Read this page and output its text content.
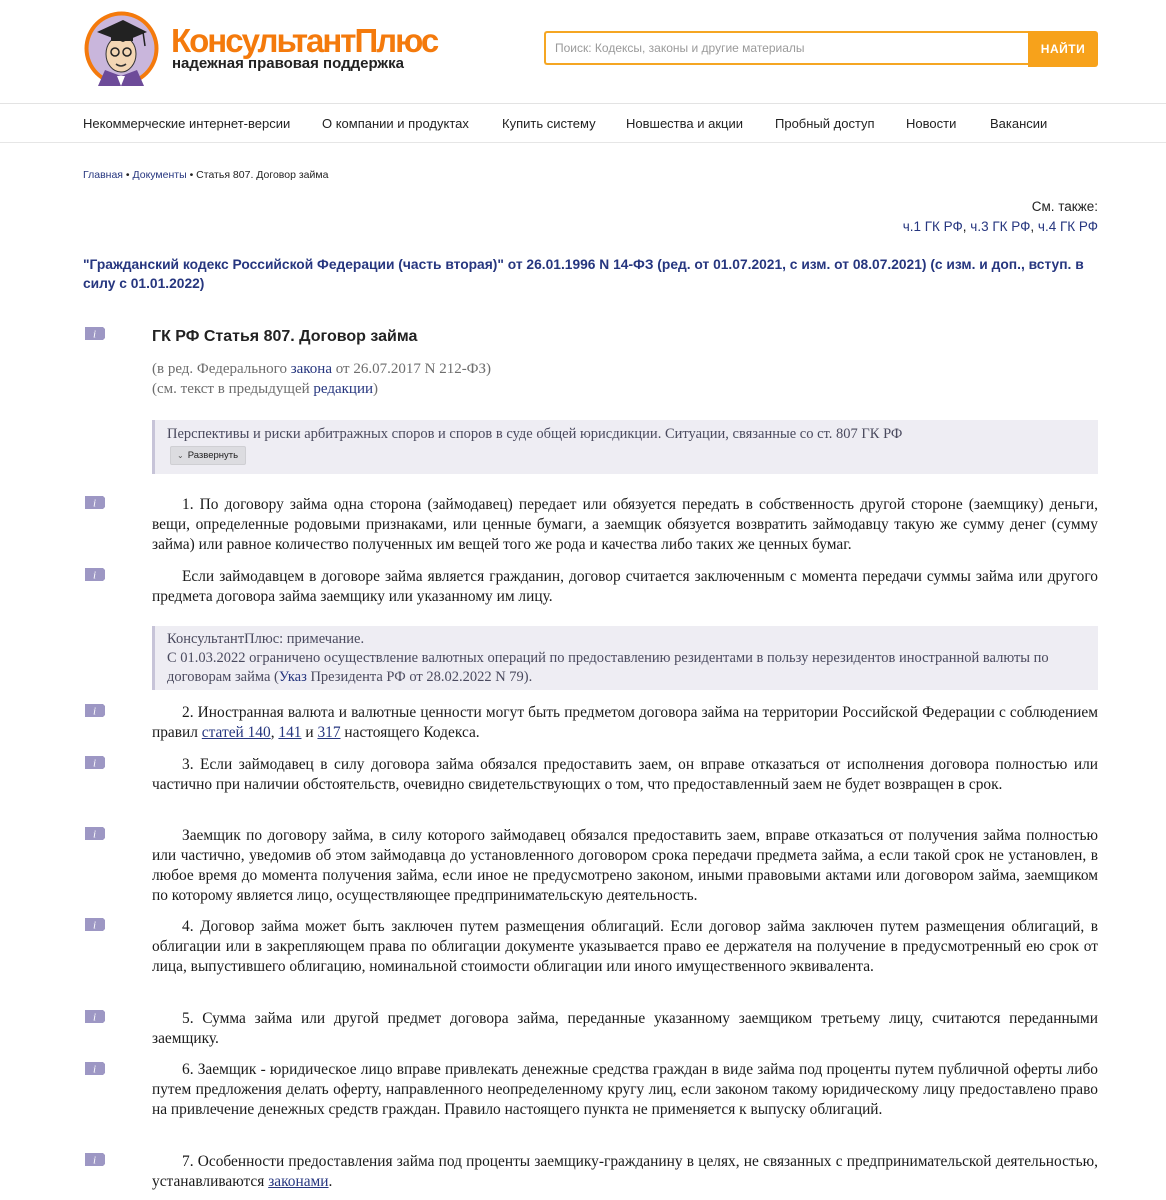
КонсультантПлюс
надежная правовая поддержка
Поиск: Кодексы, законы и другие материалы
НАЙТИ
Некоммерческие интернет-версии О компании и продуктах	Купить систему Новшества и акции Пробный доступ Новости	Вакансии
Главная • Документы • Статья 807. Договор займа
См. также:
ч.1 ГК РФ, ч.3 ГК РФ, ч.4 ГК РФ
"Гражданский кодекс Российской Федерации (часть вторая)" от 26.01.1996 N 14-ФЗ (ред. от 01.07.2021, с изм. от 08.07.2021) (с изм. и доп., вступ. в силу с 01.01.2022)
i
i
i
i
i
i
i
i
i
i
ГК РФ Статья 807. Договор займа
(в ред. Федерального закона от 26.07.2017 N 212-ФЗ)
(см. текст в предыдущей редакции)
Перспективы и риски арбитражных споров и споров в суде общей юрисдикции. Ситуации, связанные со ст. 807 ГК РФ
⌄ Развернуть
1. По договору займа одна сторона (займодавец) передает или обязуется передать в собственность другой стороне (заемщику) деньги, вещи, определенные родовыми признаками, или ценные бумаги, а заемщик обязуется возвратить займодавцу такую же сумму денег (сумму займа) или равное количество полученных им вещей того же рода и качества либо таких же ценных бумаг.
Если займодавцем в договоре займа является гражданин, договор считается заключенным с момента передачи суммы займа или другого предмета договора займа заемщику или указанному им лицу.
КонсультантПлюс: примечание.
С 01.03.2022 ограничено осуществление валютных операций по предоставлению резидентами в пользу нерезидентов иностранной валюты по договорам займа (Указ Президента РФ от 28.02.2022 N 79).
2. Иностранная валюта и валютные ценности могут быть предметом договора займа на территории Российской Федерации с соблюдением правил статей 140, 141 и 317 настоящего Кодекса.
3. Если займодавец в силу договора займа обязался предоставить заем, он вправе отказаться от исполнения договора полностью или частично при наличии обстоятельств, очевидно свидетельствующих о том, что предоставленный заем не будет возвращен в срок.
Заемщик по договору займа, в силу которого займодавец обязался предоставить заем, вправе отказаться от получения займа полностью или частично, уведомив об этом займодавца до установленного договором срока передачи предмета займа, а если такой срок не установлен, в любое время до момента получения займа, если иное не предусмотрено законом, иными правовыми актами или договором займа, заемщиком по которому является лицо, осуществляющее предпринимательскую деятельность.
4. Договор займа может быть заключен путем размещения облигаций. Если договор займа заключен путем размещения облигаций, в облигации или в закрепляющем права по облигации документе указывается право ее держателя на получение в предусмотренный ею срок от лица, выпустившего облигацию, номинальной стоимости облигации или иного имущественного эквивалента.
5. Сумма займа или другой предмет договора займа, переданные указанному заемщиком третьему лицу, считаются переданными заемщику.
6. Заемщик - юридическое лицо вправе привлекать денежные средства граждан в виде займа под проценты путем публичной оферты либо путем предложения делать оферту, направленного неопределенному кругу лиц, если законом такому юридическому лицу предоставлено право на привлечение денежных средств граждан. Правило настоящего пункта не применяется к выпуску облигаций.
7. Особенности предоставления займа под проценты заемщику-гражданину в целях, не связанных с предпринимательской деятельностью, устанавливаются законами.
